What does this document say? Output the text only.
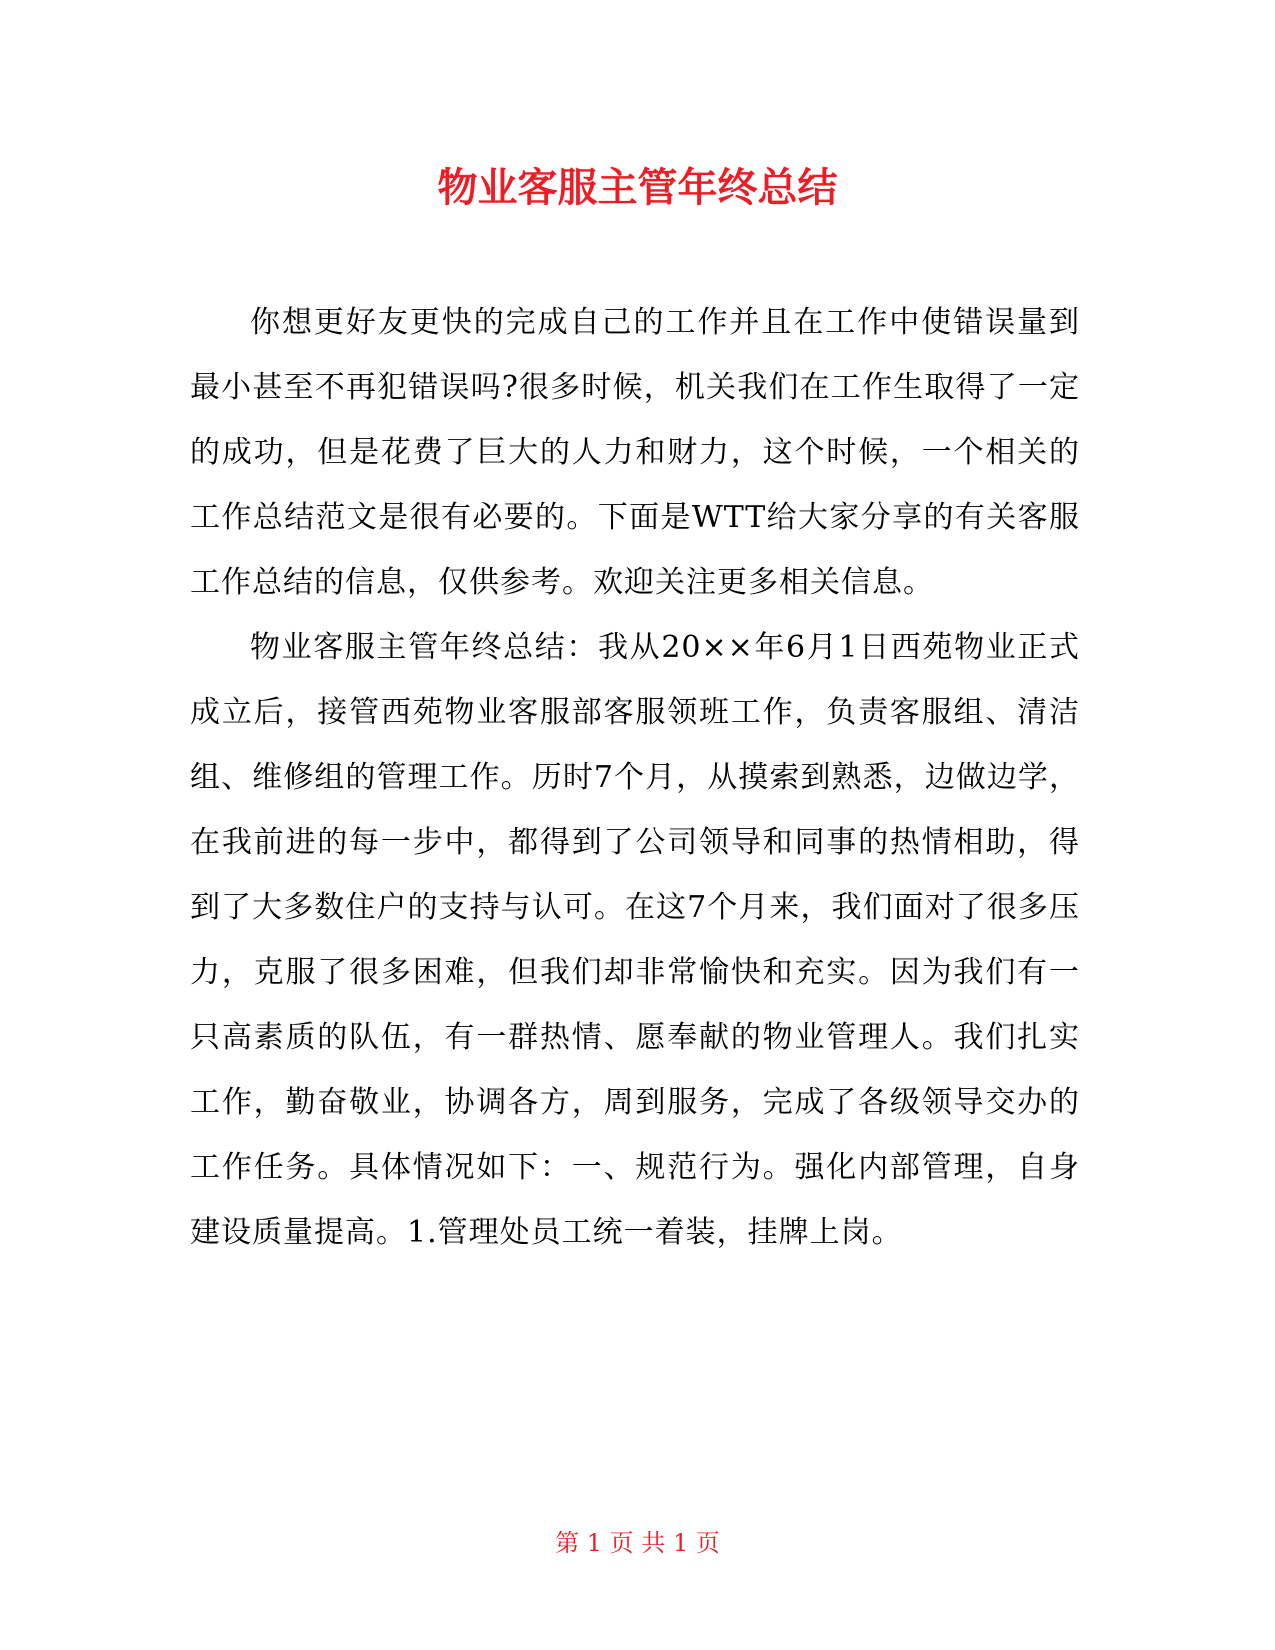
物业客服主管年终总结

你想更好友更快的完成自己的工作并且在工作中使错误量到最小甚至不再犯错误吗?很多时候，机关我们在工作生取得了一定的成功，但是花费了巨大的人力和财力，这个时候，一个相关的工作总结范文是很有必要的。下面是WTT给大家分享的有关客服工作总结的信息，仅供参考。欢迎关注更多相关信息。

物业客服主管年终总结：我从20××年6月1日西苑物业正式成立后，接管西苑物业客服部客服领班工作，负责客服组、清洁组、维修组的管理工作。历时7个月，从摸索到熟悉，边做边学，在我前进的每一步中，都得到了公司领导和同事的热情相助，得到了大多数住户的支持与认可。在这7个月来，我们面对了很多压力，克服了很多困难，但我们却非常愉快和充实。因为我们有一只高素质的队伍，有一群热情、愿奉献的物业管理人。我们扎实工作，勤奋敬业，协调各方，周到服务，完成了各级领导交办的工作任务。具体情况如下：一、规范行为。强化内部管理，自身建设质量提高。1.管理处员工统一着装，挂牌上岗。

第 1 页 共 1 页
